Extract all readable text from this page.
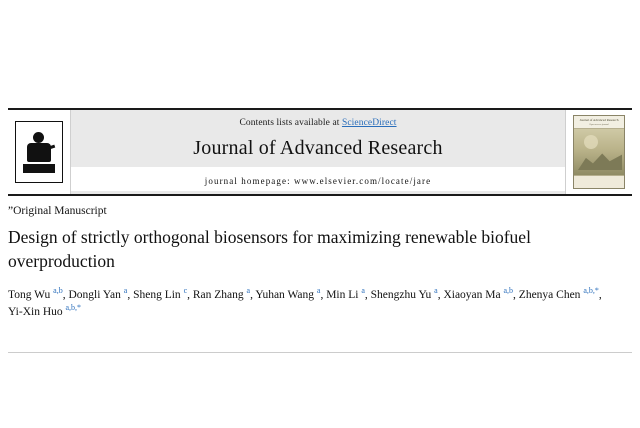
Contents lists available at ScienceDirect
Journal of Advanced Research
journal homepage: www.elsevier.com/locate/jare
Journal of Advanced Research
Open access journal
”Original Manuscript
Design of strictly orthogonal biosensors for maximizing renewable biofuel overproduction
Tong Wu $^{a,b}$, Dongli Yan $^a$, Sheng Lin $^c$, Ran Zhang $^a$, Yuhan Wang $^a$, Min Li $^a$, Shengzhu Yu $^a$, Xiaoyan Ma $^{a,b}$, Zhenya Chen $^{a,b,*}$, Yi-Xin Huo $^{a,b,*}$
